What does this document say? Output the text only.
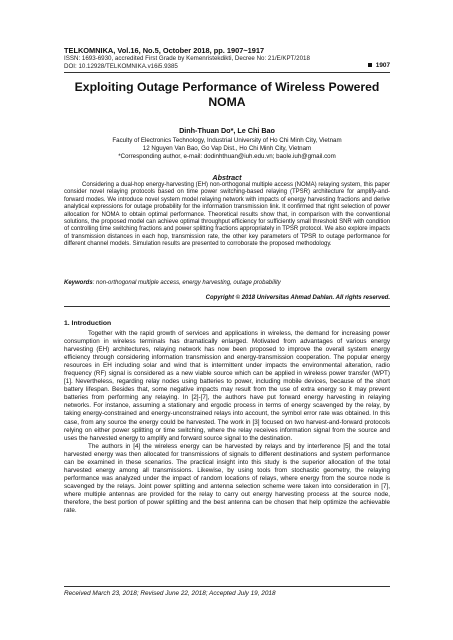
TELKOMNIKA, Vol.16, No.5, October 2018, pp. 1907~1917
ISSN: 1693-6930, accredited First Grade by Kemenristekdikti, Decree No: 21/E/KPT/2018
DOI: 10.12928/TELKOMNIKA.v16i5.9385	1907
Exploiting Outage Performance of Wireless Powered NOMA
Dinh-Thuan Do*, Le Chi Bao
Faculty of Electronics Technology, Industrial University of Ho Chi Minh City, Vietnam
12 Nguyen Van Bao, Go Vap Dist., Ho Chi Minh City, Vietnam
*Corresponding author, e-mail: dodinhthuan@iuh.edu.vn; baole.iuh@gmail.com
Abstract
Considering a dual-hop energy-harvesting (EH) non-orthogonal multiple access (NOMA) relaying system, this paper consider novel relaying protocols based on time power switching-based relaying (TPSR) architecture for amplify-and-forward modes. We introduce novel system model relaying network with impacts of energy harvesting fractions and derive analytical expressions for outage probability for the information transmission link. It confirmed that right selection of power allocation for NOMA to obtain optimal performance. Theoretical results show that, in comparison with the conventional solutions, the proposed model can achieve optimal throughput efficiency for sufficiently small threshold SNR with condition of controlling time switching fractions and power splitting fractions appropriately in TPSR protocol. We also explore impacts of transmission distances in each hop, transmission rate, the other key parameters of TPSR to outage performance for different channel models. Simulation results are presented to corroborate the proposed methodology.
Keywords: non-orthogonal multiple access, energy harvesting, outage probability
Copyright © 2018 Universitas Ahmad Dahlan. All rights reserved.
1. Introduction

Together with the rapid growth of services and applications in wireless, the demand for increasing power consumption in wireless terminals has dramatically enlarged. Motivated from advantages of various energy harvesting (EH) architectures, relaying network has now been proposed to improve the overall system energy efficiency through considering information transmission and energy-transmission cooperation. The popular energy resources in EH including solar and wind that is intermittent under impacts the environmental alteration, radio frequency (RF) signal is considered as a new viable source which can be applied in wireless power transfer (WPT) [1]. Nevertheless, regarding relay nodes using batteries to power, including mobile devices, because of the short battery lifespan. Besides that, some negative impacts may result from the use of extra energy so it may prevent batteries from performing any relaying. In [2]-[7], the authors have put forward energy harvesting in relaying networks. For instance, assuming a stationary and ergodic process in terms of energy scavenged by the relay, by taking energy-constrained and energy-unconstrained relays into account, the symbol error rate was obtained. In this case, from any source the energy could be harvested. The work in [3] focused on two harvest-and-forward protocols relying on either power splitting or time switching, where the relay receives information signal from the source and uses the harvested energy to amplify and forward source signal to the destination.

The authors in [4] the wireless energy can be harvested by relays and by interference [5] and the total harvested energy was then allocated for transmissions of signals to different destinations and system performance can be examined in these scenarios. The practical insight into this study is the superior allocation of the total harvested energy among all transmissions. Likewise, by using tools from stochastic geometry, the relaying performance was analyzed under the impact of random locations of relays, where energy from the source node is scavenged by the relays. Joint power splitting and antenna selection scheme were taken into consideration in [7], where multiple antennas are provided for the relay to carry out energy harvesting process at the source node, therefore, the best portion of power splitting and the best antenna can be chosen that help optimize the achievable rate.

Received March 23, 2018; Revised June 22, 2018; Accepted July 19, 2018
